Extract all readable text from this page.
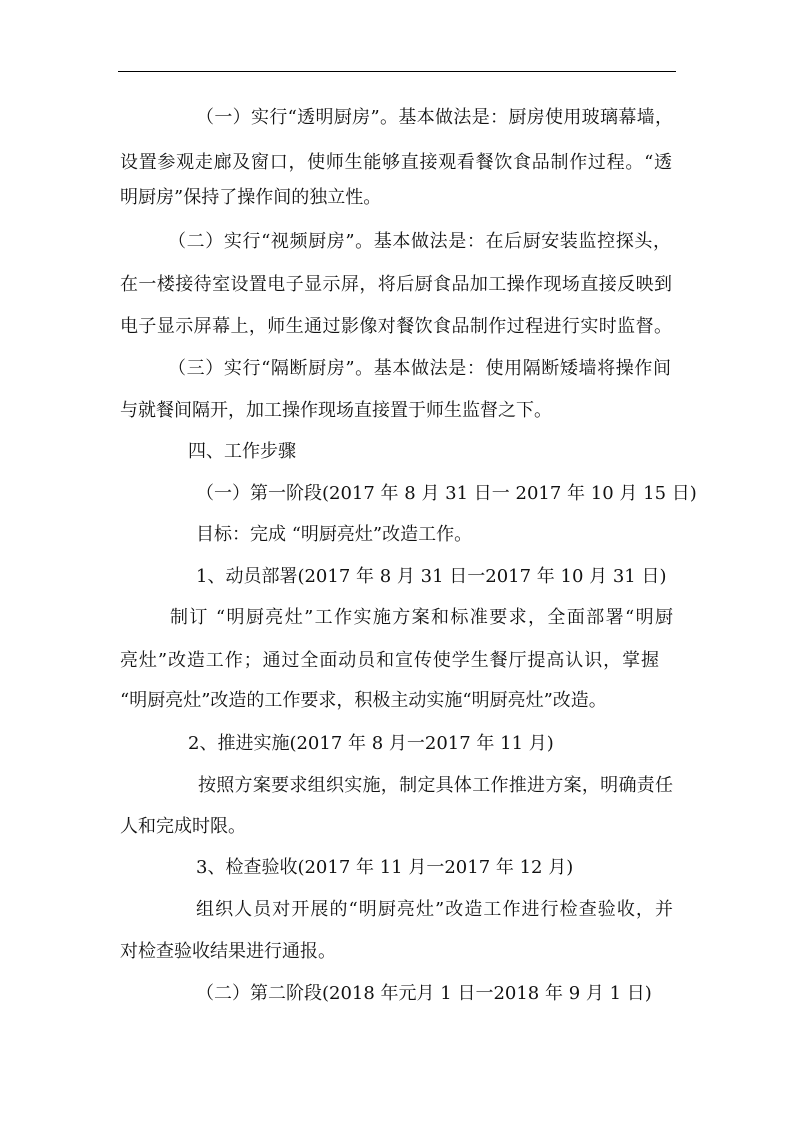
（一）实行“透明厨房”。基本做法是：厨房使用玻璃幕墙，
设置参观走廊及窗口，使师生能够直接观看餐饮食品制作过程。“透
明厨房”保持了操作间的独立性。
（二）实行“视频厨房”。基本做法是：在后厨安装监控探头，
在一楼接待室设置电子显示屏，将后厨食品加工操作现场直接反映到
电子显示屏幕上，师生通过影像对餐饮食品制作过程进行实时监督。
（三）实行“隔断厨房”。基本做法是：使用隔断矮墙将操作间
与就餐间隔开，加工操作现场直接置于师生监督之下。
四、工作步骤
（一）第一阶段(2017 年 8 月 31 日一 2017 年 10 月 15 日)
目标：完成 “明厨亮灶”改造工作。
1、动员部署(2017 年 8 月 31 日一2017 年 10 月 31 日)
制订 “明厨亮灶”工作实施方案和标准要求，全面部署“明厨
亮灶”改造工作；通过全面动员和宣传使学生餐厅提高认识，掌握
“明厨亮灶”改造的工作要求，积极主动实施“明厨亮灶”改造。
2、推进实施(2017 年 8 月一2017 年 11 月)
按照方案要求组织实施，制定具体工作推进方案，明确责任
人和完成时限。
3、检查验收(2017 年 11 月一2017 年 12 月)
组织人员对开展的“明厨亮灶”改造工作进行检查验收，并
对检查验收结果进行通报。
（二）第二阶段(2018 年元月 1 日一2018 年 9 月 1 日)
